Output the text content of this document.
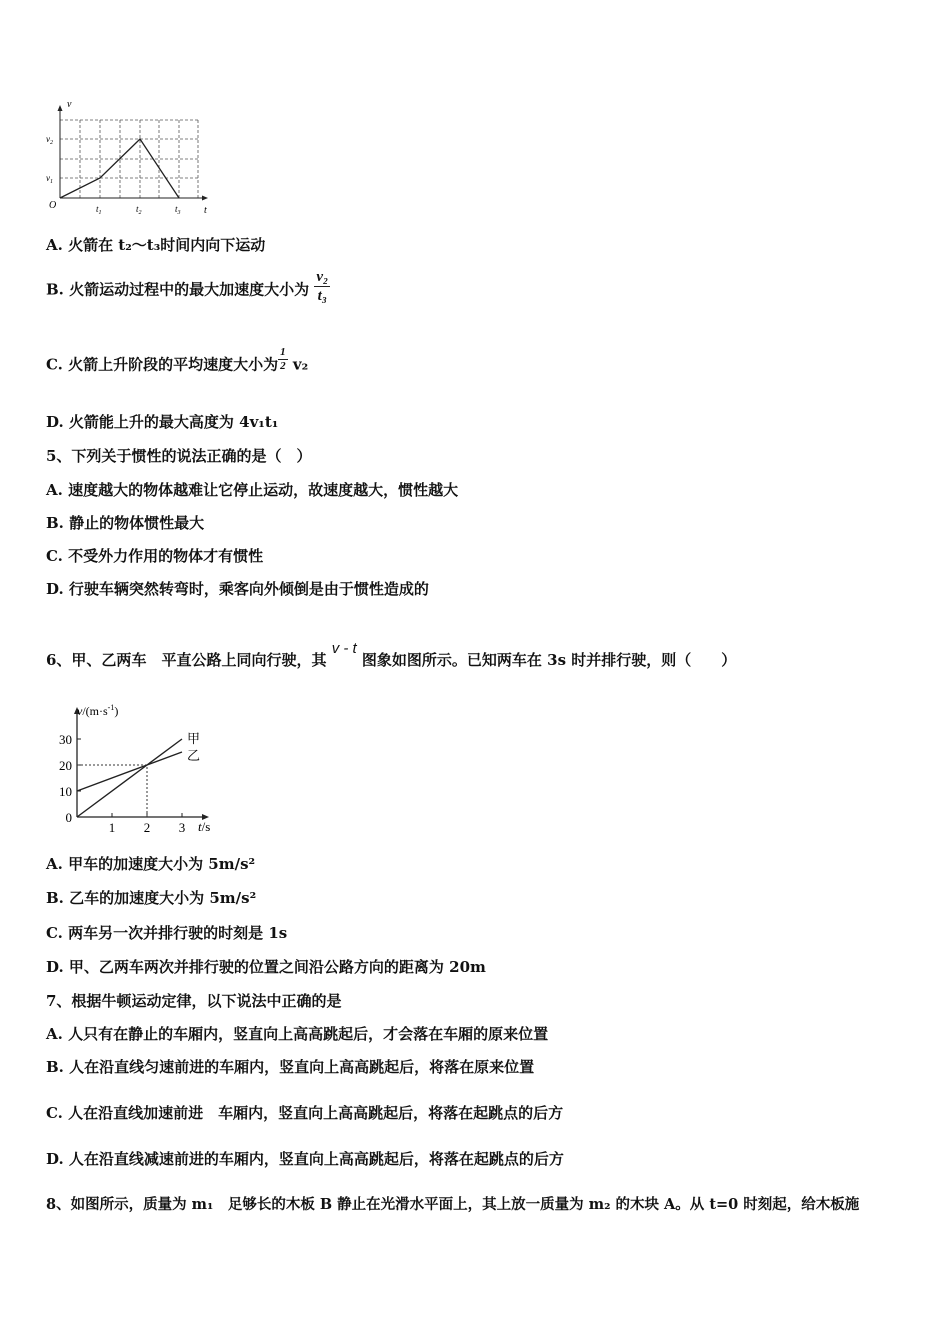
v
t
O
$v_2$
$v_1$
$t_1$	$t_2$	$t_3$
A. 火箭在 t₂～t₃时间内向下运动
B. 火箭运动过程中的最大加速度大小为 $\frac{\text{v₂}}{\text{t₃}}$
C. 火箭上升阶段的平均速度大小为 $\frac{1}{2} v_2$
D. 火箭能上升的最大高度为 4v₁t₁
5、下列关于惯性的说法正确的是（　）
A. 速度越大的物体越难让它停止运动，故速度越大，惯性越大
B. 静止的物体惯性最大
C. 不受外力作用的物体才有惯性
D. 行驶车辆突然转弯时，乘客向外倾倒是由于惯性造成的
6、甲、乙两车　平直公路上同向行驶，其 v - t 图象如图所示。已知两车在 3s 时并排行驶，则（　　）
$v/(m\cdot s^{-1})$
t/s
0
10
20
30
1 2 3
甲
乙
A. 甲车的加速度大小为 5m/s²
B. 乙车的加速度大小为 5m/s²
C. 两车另一次并排行驶的时刻是 1s
D. 甲、乙两车两次并排行驶的位置之间沿公路方向的距离为 20m
7、根据牛顿运动定律，以下说法中正确的是
A. 人只有在静止的车厢内，竖直向上高高跳起后，才会落在车厢的原来位置
B. 人在沿直线匀速前进的车厢内，竖直向上高高跳起后，将落在原来位置
C. 人在沿直线加速前进　车厢内，竖直向上高高跳起后，将落在起跳点的后方
D. 人在沿直线减速前进的车厢内，竖直向上高高跳起后，将落在起跳点的后方
8、如图所示，质量为 m₁　足够长的木板 B 静止在光滑水平面上，其上放一质量为 m₂ 的木块 A。从 t=0 时刻起，给木板施
